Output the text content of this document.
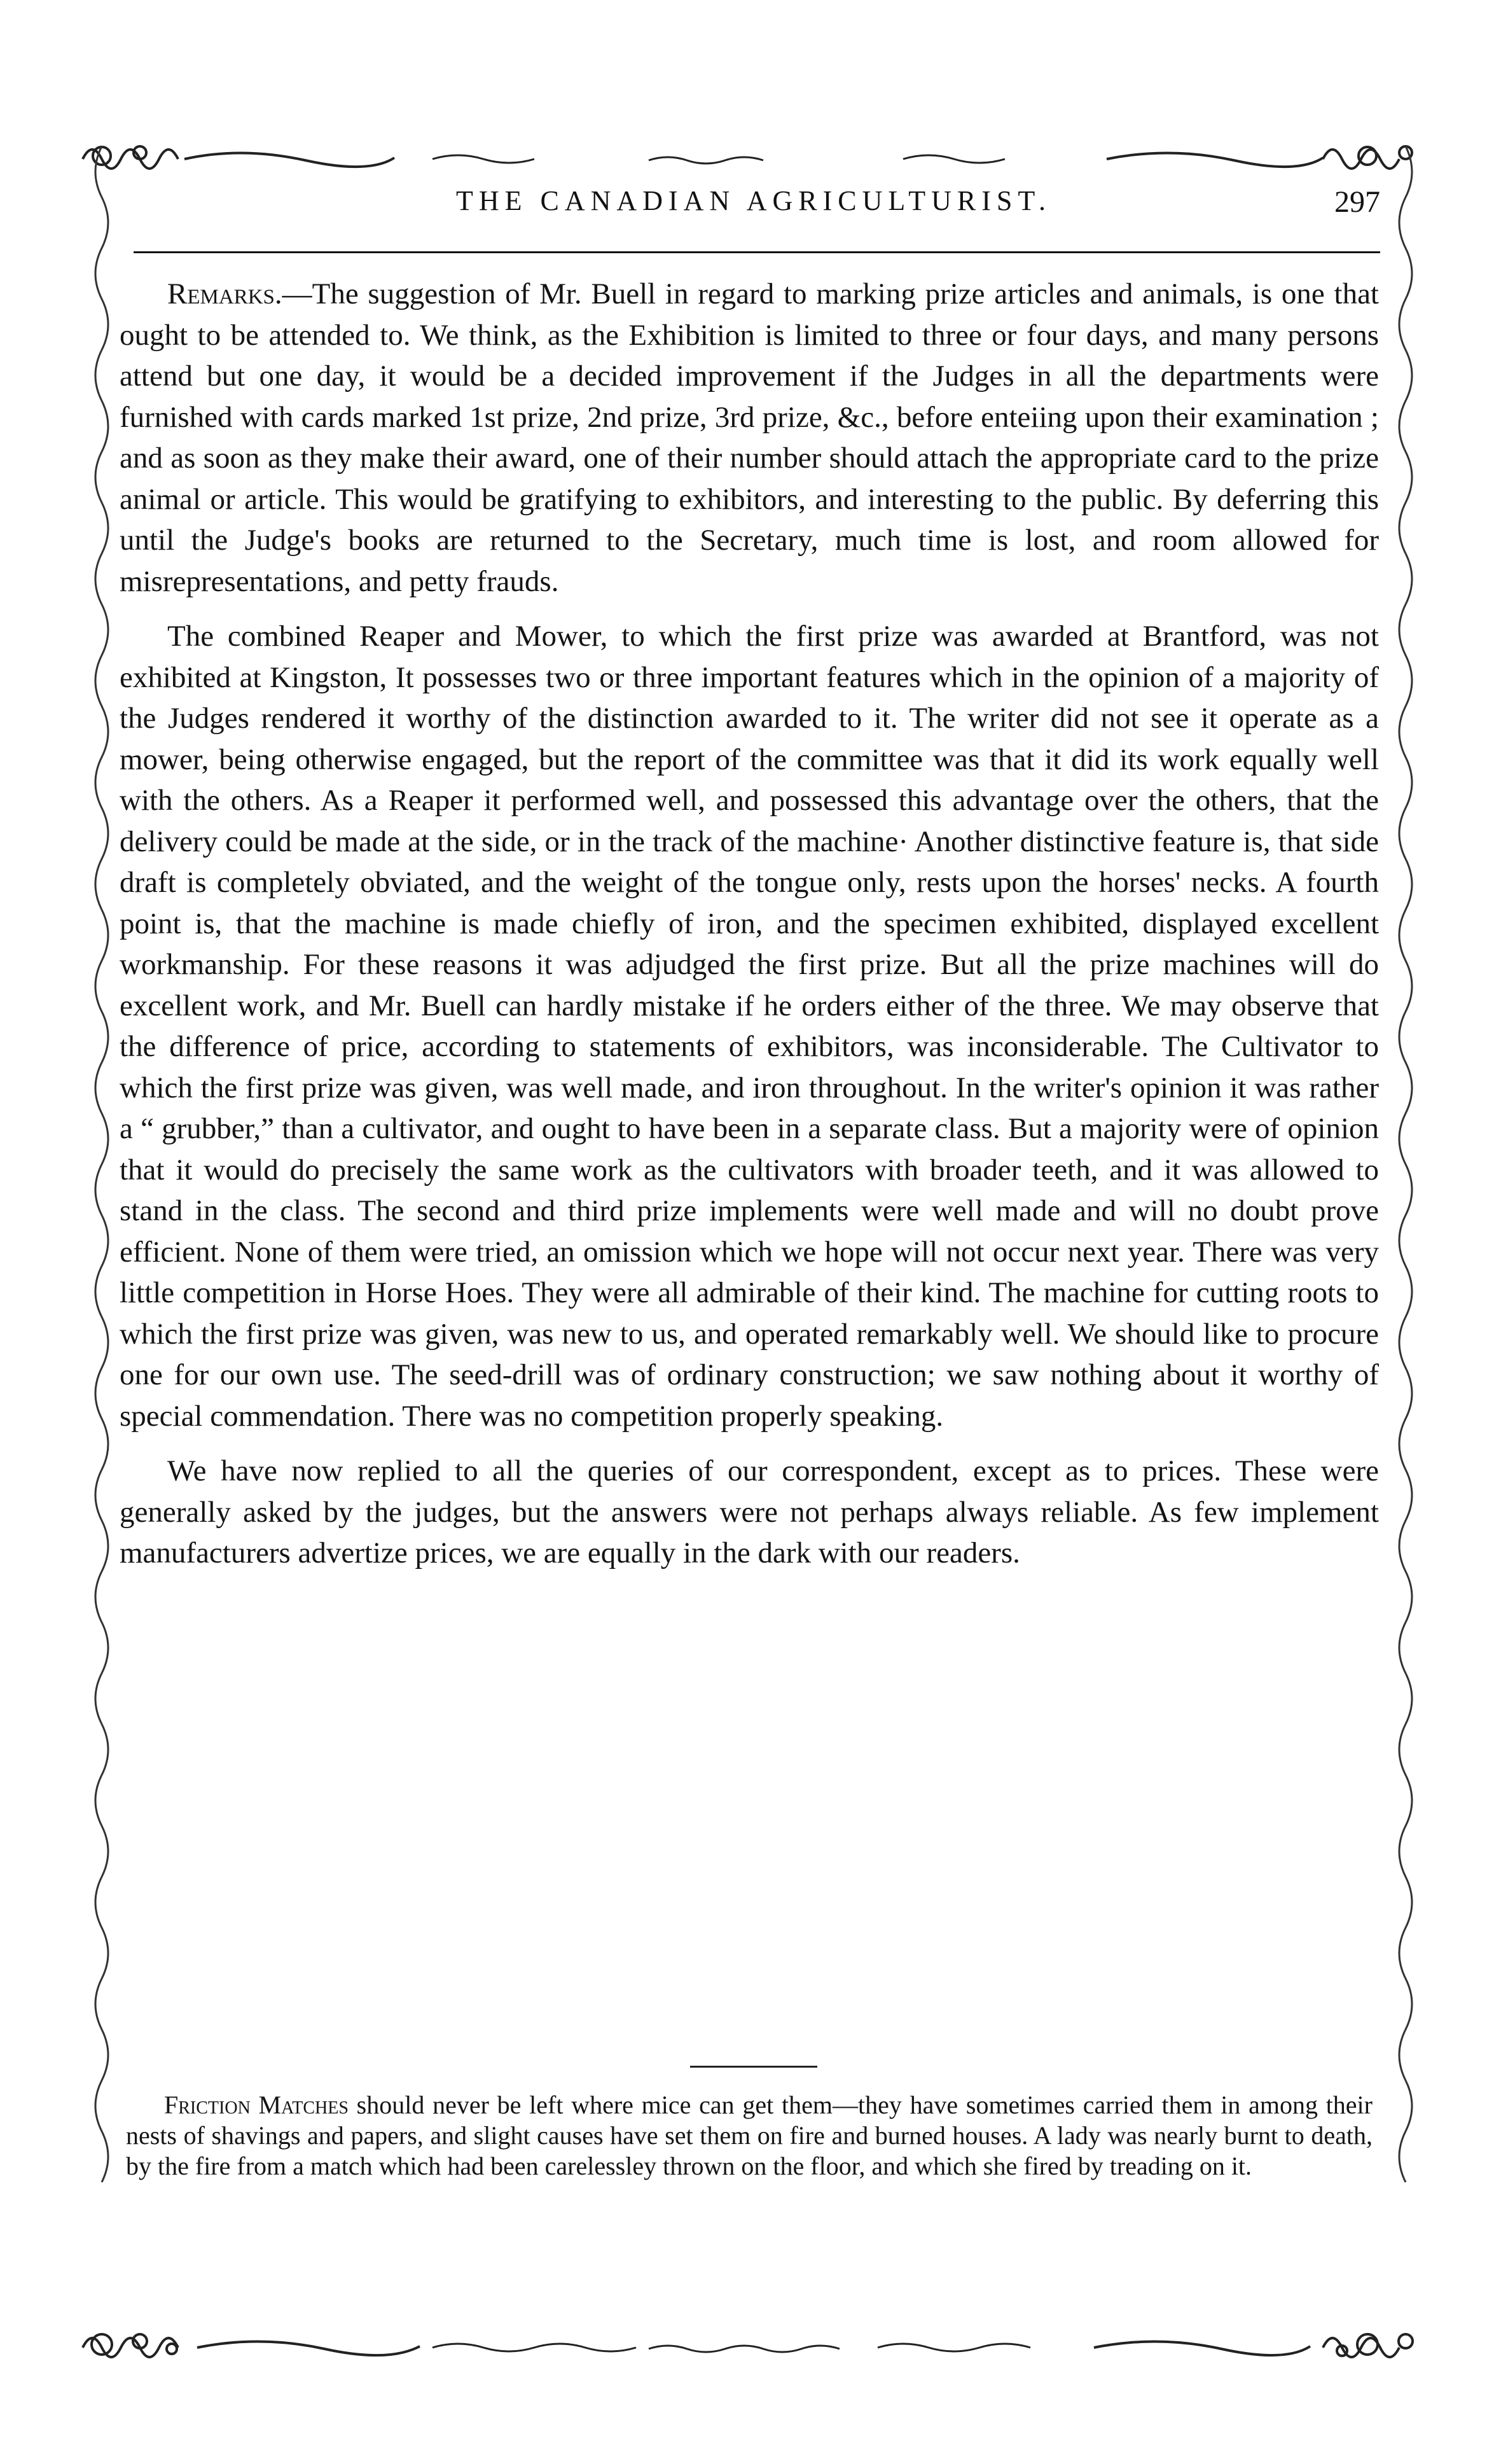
THE CANADIAN AGRICULTURIST.	297

Remarks.—The suggestion of Mr. Buell in regard to marking prize articles and animals, is one that ought to be attended to. We think, as the Exhibition is limited to three or four days, and many persons attend but one day, it would be a decided improvement if the Judges in all the departments were furnished with cards marked 1st prize, 2nd prize, 3rd prize, &c., before enteiing upon their examination ; and as soon as they make their award, one of their number should attach the appropriate card to the prize animal or article. This would be gratifying to exhibitors, and interesting to the public. By deferring this until the Judge's books are returned to the Secretary, much time is lost, and room allowed for misrepresentations, and petty frauds.

The combined Reaper and Mower, to which the first prize was awarded at Brantford, was not exhibited at Kingston, It possesses two or three important features which in the opinion of a majority of the Judges rendered it worthy of the distinction awarded to it. The writer did not see it operate as a mower, being otherwise engaged, but the report of the committee was that it did its work equally well with the others. As a Reaper it performed well, and possessed this advantage over the others, that the delivery could be made at the side, or in the track of the machine· Another distinctive feature is, that side draft is completely obviated, and the weight of the tongue only, rests upon the horses' necks. A fourth point is, that the machine is made chiefly of iron, and the specimen exhibited, displayed excellent workmanship. For these reasons it was adjudged the first prize. But all the prize machines will do excellent work, and Mr. Buell can hardly mistake if he orders either of the three. We may observe that the difference of price, according to statements of exhibitors, was inconsiderable. The Cultivator to which the first prize was given, was well made, and iron throughout. In the writer's opinion it was rather a “ grubber,” than a cultivator, and ought to have been in a separate class. But a majority were of opinion that it would do precisely the same work as the cultivators with broader teeth, and it was allowed to stand in the class. The second and third prize implements were well made and will no doubt prove efficient. None of them were tried, an omission which we hope will not occur next year. There was very little competition in Horse Hoes. They were all admirable of their kind. The machine for cutting roots to which the first prize was given, was new to us, and operated remarkably well. We should like to procure one for our own use. The seed-drill was of ordinary construction; we saw nothing about it worthy of special commendation. There was no competition properly speaking.

We have now replied to all the queries of our correspondent, except as to prices. These were generally asked by the judges, but the answers were not perhaps always reliable. As few implement manufacturers advertize prices, we are equally in the dark with our readers.

Friction Matches should never be left where mice can get them—they have sometimes carried them in among their nests of shavings and papers, and slight causes have set them on fire and burned houses. A lady was nearly burnt to death, by the fire from a match which had been carelessley thrown on the floor, and which she fired by treading on it.
